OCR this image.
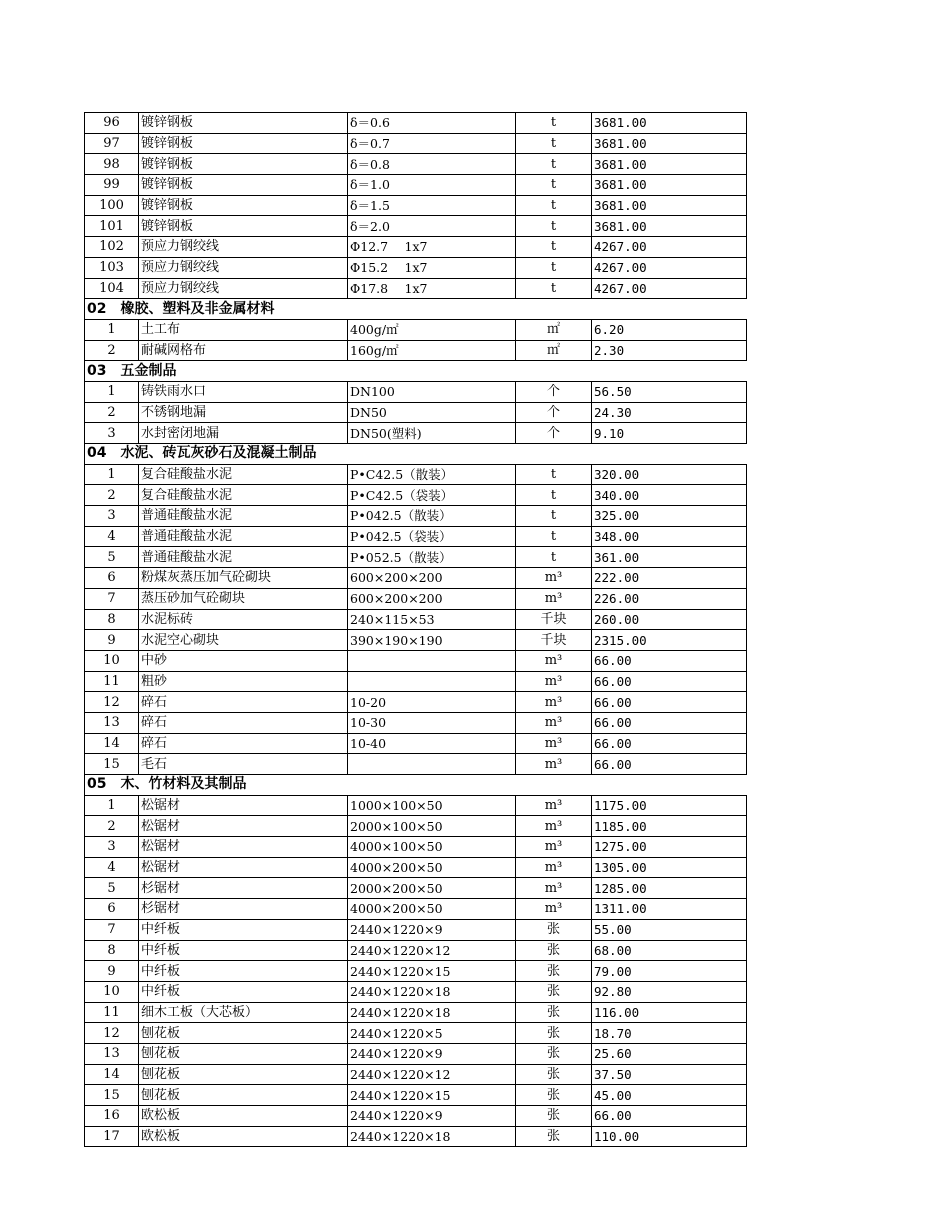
96	镀锌钢板	δ＝0.6	t	3681.00
97	镀锌钢板	δ＝0.7	t	3681.00
98	镀锌钢板	δ＝0.8	t	3681.00
99	镀锌钢板	δ＝1.0	t	3681.00
100	镀锌钢板	δ＝1.5	t	3681.00
101	镀锌钢板	δ＝2.0	t	3681.00
102	预应力钢绞线	Φ12.7　 1x7	t	4267.00
103	预应力钢绞线	Φ15.2　 1x7	t	4267.00
104	预应力钢绞线	Φ17.8　 1x7	t	4267.00
02　橡胶、塑料及非金属材料				
1	土工布	400g/㎡	㎡	6.20
2	耐碱网格布	160g/㎡	㎡	2.30
03　五金制品				
1	铸铁雨水口	DN100	个	56.50
2	不锈钢地漏	DN50	个	24.30
3	水封密闭地漏	DN50(塑料)	个	9.10
04　水泥、砖瓦灰砂石及混凝土制品				
1	复合硅酸盐水泥	P•C42.5（散装）	t	320.00
2	复合硅酸盐水泥	P•C42.5（袋装）	t	340.00
3	普通硅酸盐水泥	P•042.5（散装）	t	325.00
4	普通硅酸盐水泥	P•042.5（袋装）	t	348.00
5	普通硅酸盐水泥	P•052.5（散装）	t	361.00
6	粉煤灰蒸压加气砼砌块	600×200×200	m³	222.00
7	蒸压砂加气砼砌块	600×200×200	m³	226.00
8	水泥标砖	240×115×53	千块	260.00
9	水泥空心砌块	390×190×190	千块	2315.00
10	中砂		m³	66.00
11	粗砂		m³	66.00
12	碎石	10-20	m³	66.00
13	碎石	10-30	m³	66.00
14	碎石	10-40	m³	66.00
15	毛石		m³	66.00
05　木、竹材料及其制品				
1	松锯材	1000×100×50	m³	1175.00
2	松锯材	2000×100×50	m³	1185.00
3	松锯材	4000×100×50	m³	1275.00
4	松锯材	4000×200×50	m³	1305.00
5	杉锯材	2000×200×50	m³	1285.00
6	杉锯材	4000×200×50	m³	1311.00
7	中纤板	2440×1220×9	张	55.00
8	中纤板	2440×1220×12	张	68.00
9	中纤板	2440×1220×15	张	79.00
10	中纤板	2440×1220×18	张	92.80
11	细木工板（大芯板）	2440×1220×18	张	116.00
12	刨花板	2440×1220×5	张	18.70
13	刨花板	2440×1220×9	张	25.60
14	刨花板	2440×1220×12	张	37.50
15	刨花板	2440×1220×15	张	45.00
16	欧松板	2440×1220×9	张	66.00
17	欧松板	2440×1220×18	张	110.00
